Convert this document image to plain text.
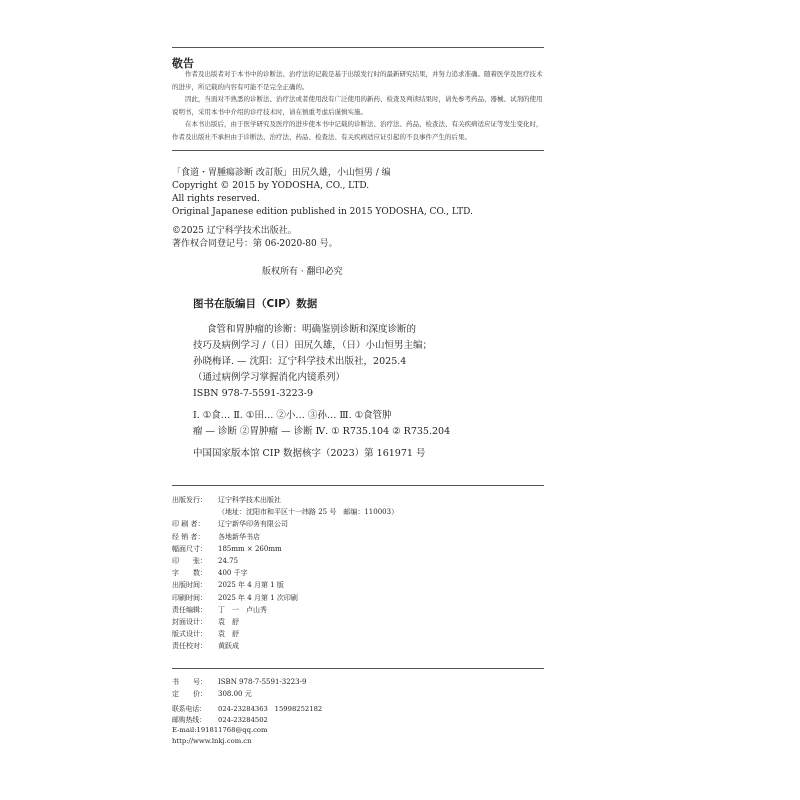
敬告

作者及出版者对于本书中的诊断法、治疗法的记载是基于出版发行时的最新研究结果，并努力追求准确。随着医学及医疗技术的进步，所记载的内容有可能不是完全正确的。

因此，当面对不熟悉的诊断法、治疗法或者使用没有广泛使用的新药、检查及判读结果时，请先参考药品、器械、试剂的使用说明书，采用本书中介绍的诊疗技术时，请在慎重考虑后谨慎实施。

在本书出版后，由于医学研究及医疗的进步使本书中记载的诊断法、治疗法、药品、检查法、有关疾病适应证等发生变化时，作者及出版社不承担由于诊断法、治疗法、药品、检查法、有关疾病适应证引起的不良事件产生的后果。

「食道・胃腫瘍診断 改訂版」田尻久雄，小山恒男 / 编
Copyright © 2015 by YODOSHA, CO., LTD.
All rights reserved.
Original Japanese edition published in 2015 YODOSHA, CO., LTD.
©2025 辽宁科学技术出版社。
著作权合同登记号：第 06-2020-80 号。
版权所有 · 翻印必究
图书在版编目（CIP）数据
食管和胃肿瘤的诊断：明确鉴别诊断和深度诊断的
技巧及病例学习 /（日）田尻久雄，（日）小山恒男主编；
孙晓梅译. — 沈阳：辽宁科学技术出版社，2025.4
（通过病例学习掌握消化内镜系列）
ISBN 978-7-5591-3223-9
Ⅰ. ①食… Ⅱ. ①田… ②小… ③孙… Ⅲ. ①食管肿
瘤 — 诊断 ②胃肿瘤 — 诊断 Ⅳ. ① R735.104 ② R735.204
中国国家版本馆 CIP 数据核字（2023）第 161971 号
出版发行：	辽宁科学技术出版社
（地址：沈阳市和平区十一纬路 25 号　邮编：110003）
印 刷 者：	辽宁新华印务有限公司
经 销 者：	各地新华书店
幅面尺寸：	185mm × 260mm
印　　张：	24.75
字　　数：	400 千字
出版时间：	2025 年 4 月第 1 版
印刷时间：	2025 年 4 月第 1 次印刷
责任编辑：	丁　一　卢山秀
封面设计：	袁　舒
版式设计：	袁　舒
责任校对：	黄跃成
书　　号：	ISBN 978-7-5591-3223-9
定　　价：	308.00 元
联系电话：	024-23284363　15998252182
邮购热线：	024-23284502
E-mail: 191811768@qq.com
http://www.lnkj.com.cn
